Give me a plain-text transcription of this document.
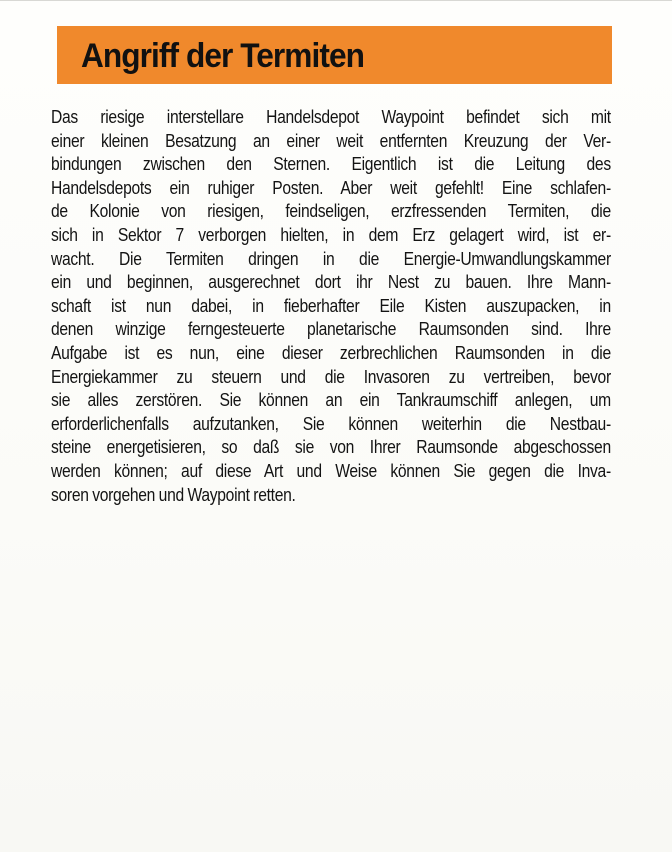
Angriff der Termiten
Das riesige interstellare Handelsdepot Waypoint befindet sich mit
einer kleinen Besatzung an einer weit entfernten Kreuzung der Ver-
bindungen zwischen den Sternen. Eigentlich ist die Leitung des
Handelsdepots ein ruhiger Posten. Aber weit gefehlt! Eine schlafen-
de Kolonie von riesigen, feindseligen, erzfressenden Termiten, die
sich in Sektor 7 verborgen hielten, in dem Erz gelagert wird, ist er-
wacht. Die Termiten dringen in die Energie-Umwandlungskammer
ein und beginnen, ausgerechnet dort ihr Nest zu bauen. Ihre Mann-
schaft ist nun dabei, in fieberhafter Eile Kisten auszupacken, in
denen winzige ferngesteuerte planetarische Raumsonden sind. Ihre
Aufgabe ist es nun, eine dieser zerbrechlichen Raumsonden in die
Energiekammer zu steuern und die Invasoren zu vertreiben, bevor
sie alles zerstören. Sie können an ein Tankraumschiff anlegen, um
erforderlichenfalls aufzutanken, Sie können weiterhin die Nestbau-
steine energetisieren, so daß sie von Ihrer Raumsonde abgeschossen
werden können; auf diese Art und Weise können Sie gegen die Inva-
soren vorgehen und Waypoint retten.
